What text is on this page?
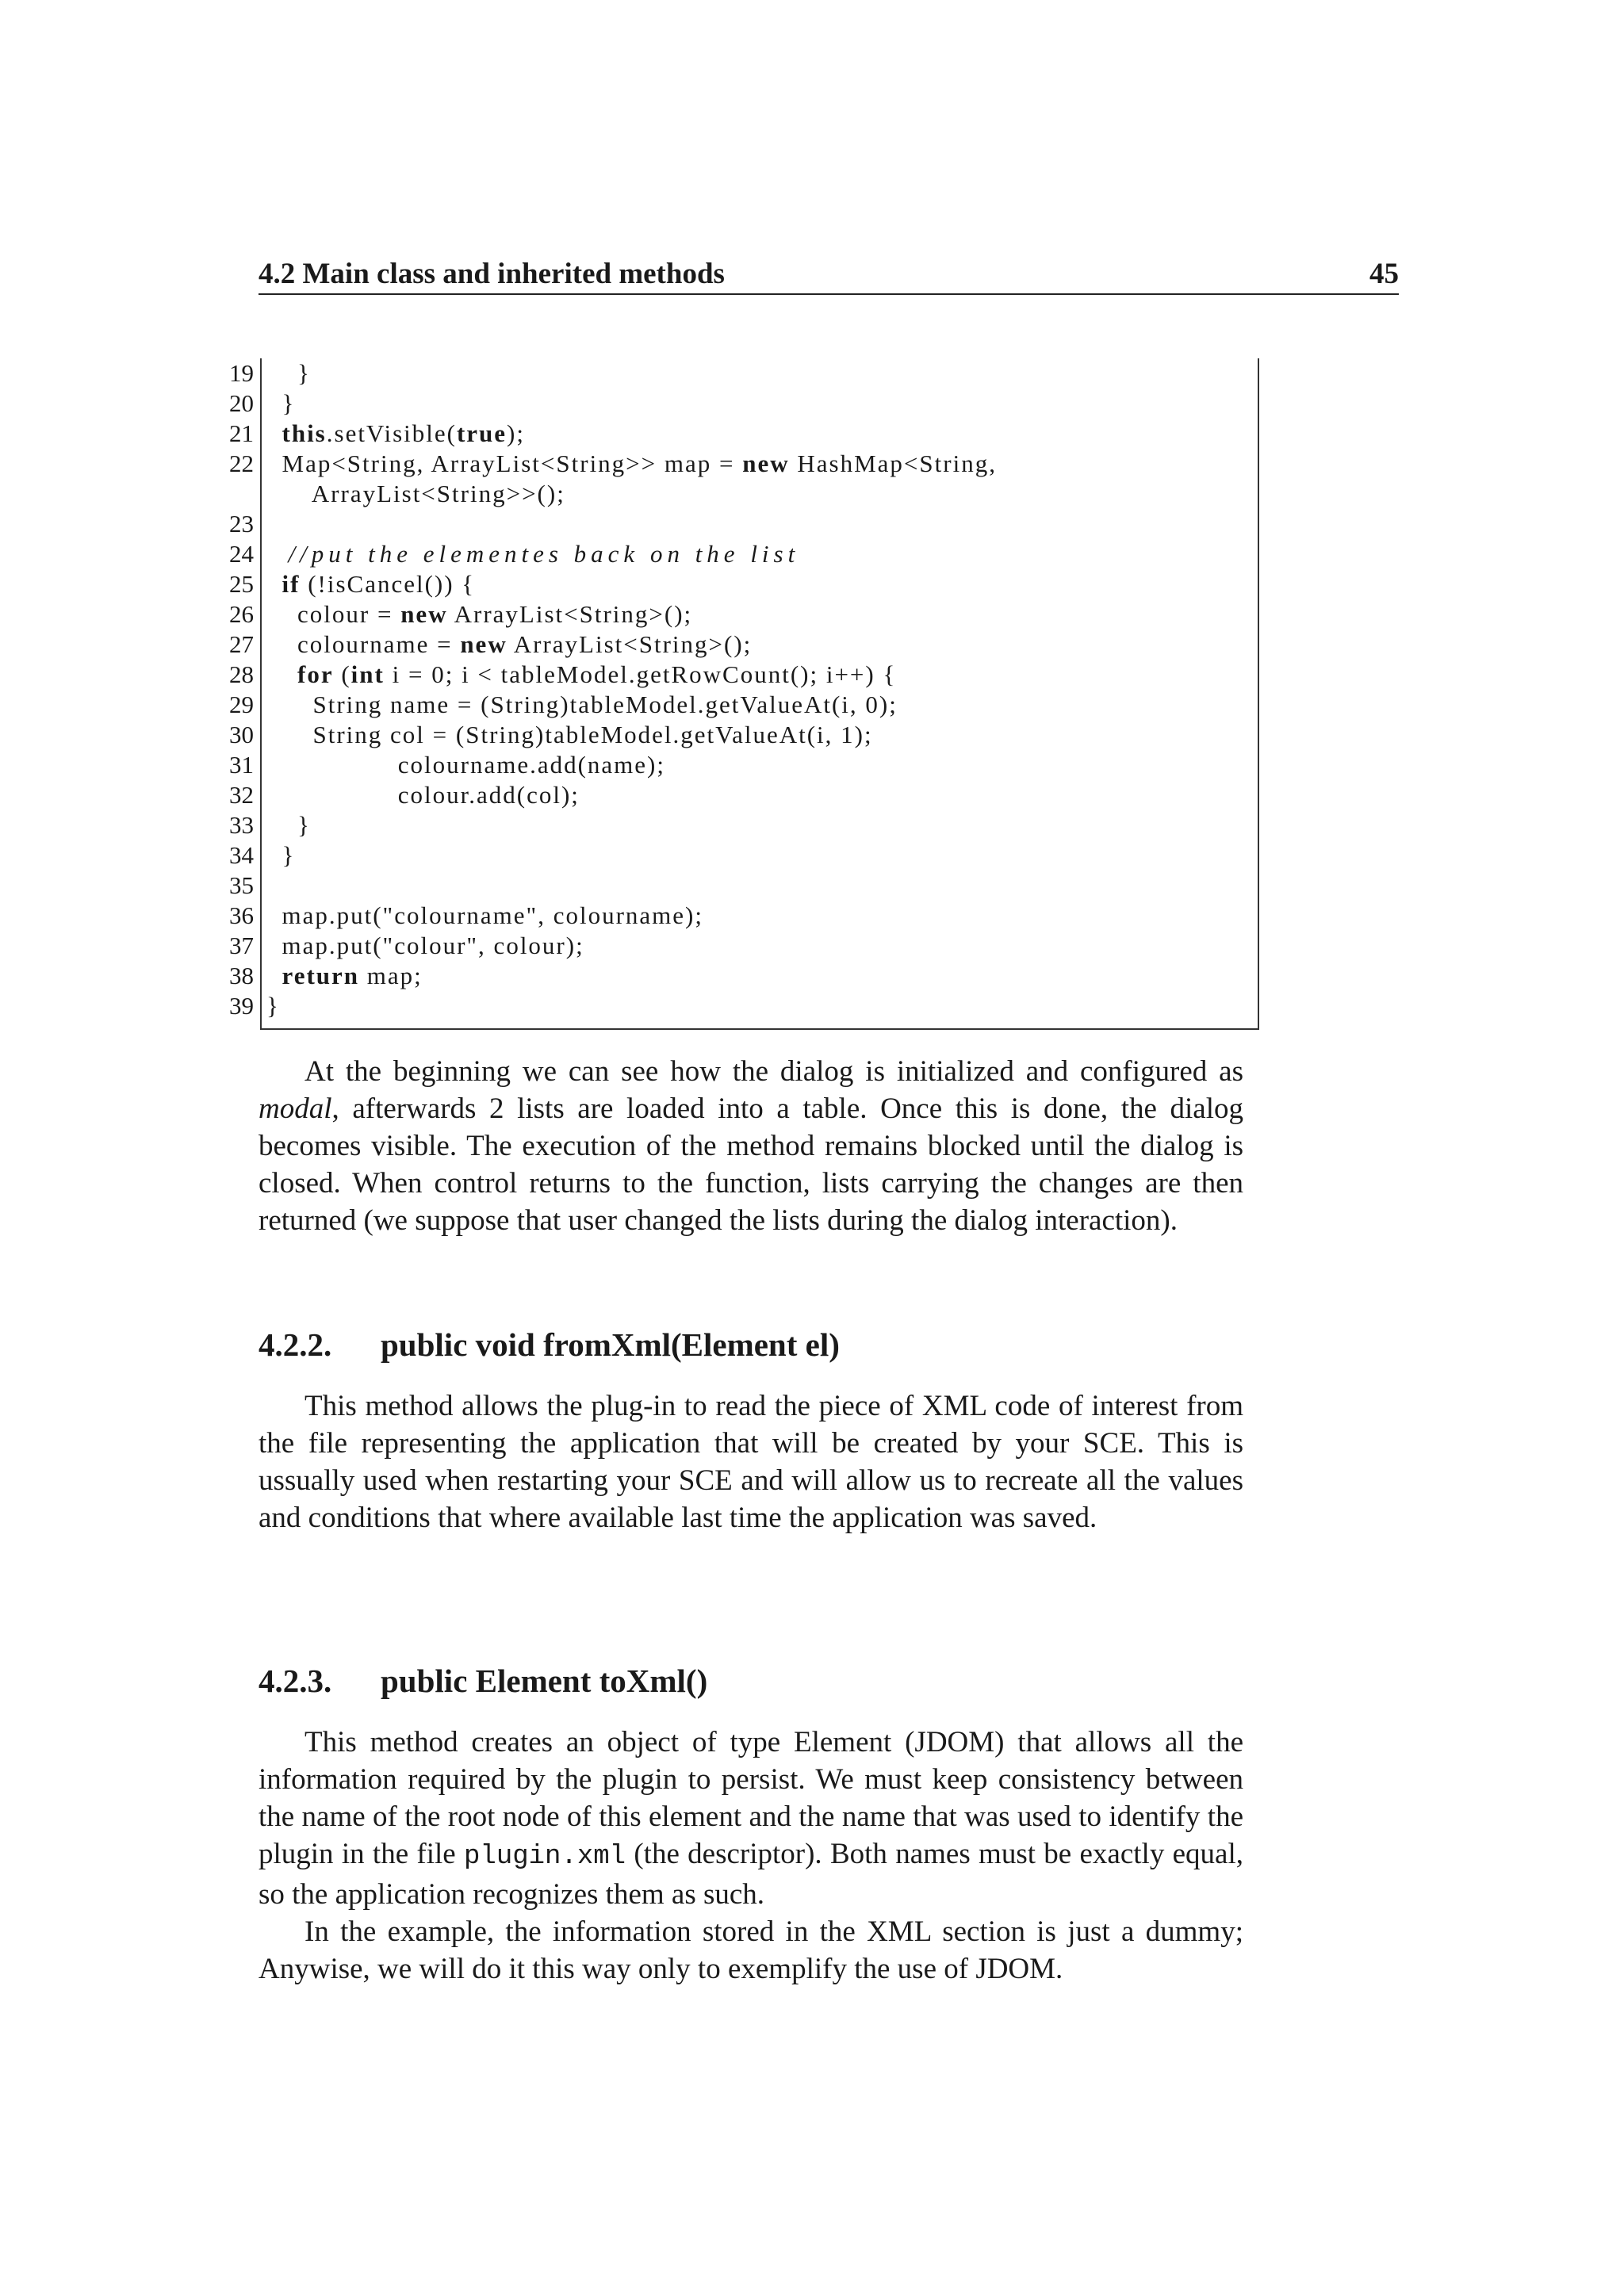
4.2 Main class and inherited methods	45
19 }
20 }
21	this.setVisible(true);
22 Map<String, ArrayList<String>> map = new HashMap<String,
ArrayList<String>>();
23
24 //put the elementes back on the list
25	if (!isCancel()) {
26 colour = new ArrayList<String>();
27 colourname = new ArrayList<String>();
28	for (int i = 0; i < tableModel.getRowCount(); i++) {
29 String name = (String)tableModel.getValueAt(i, 0);
30 String col = (String)tableModel.getValueAt(i, 1);
31 colourname.add(name);
32 colour.add(col);
33 }
34 }
35
36 map.put("colourname", colourname);
37 map.put("colour", colour);
38	return map;
39 }

At the beginning we can see how the dialog is initialized and configured as modal, afterwards 2 lists are loaded into a table. Once this is done, the dialog becomes visible. The execution of the method remains blocked until the dialog is closed. When control returns to the function, lists carrying the changes are then returned (we suppose that user changed the lists during the dialog interaction).

4.2.2. public void fromXml(Element el)

This method allows the plug-in to read the piece of XML code of interest from the file representing the application that will be created by your SCE. This is ussually used when restarting your SCE and will allow us to recreate all the values and conditions that where available last time the application was saved.

4.2.3. public Element toXml()

This method creates an object of type Element (JDOM) that allows all the information required by the plugin to persist. We must keep consistency between the name of the root node of this element and the name that was used to identify the plugin in the file plugin.xml (the descriptor). Both names must be exactly equal, so the application recognizes them as such.

In the example, the information stored in the XML section is just a dummy; Anywise, we will do it this way only to exemplify the use of JDOM.
